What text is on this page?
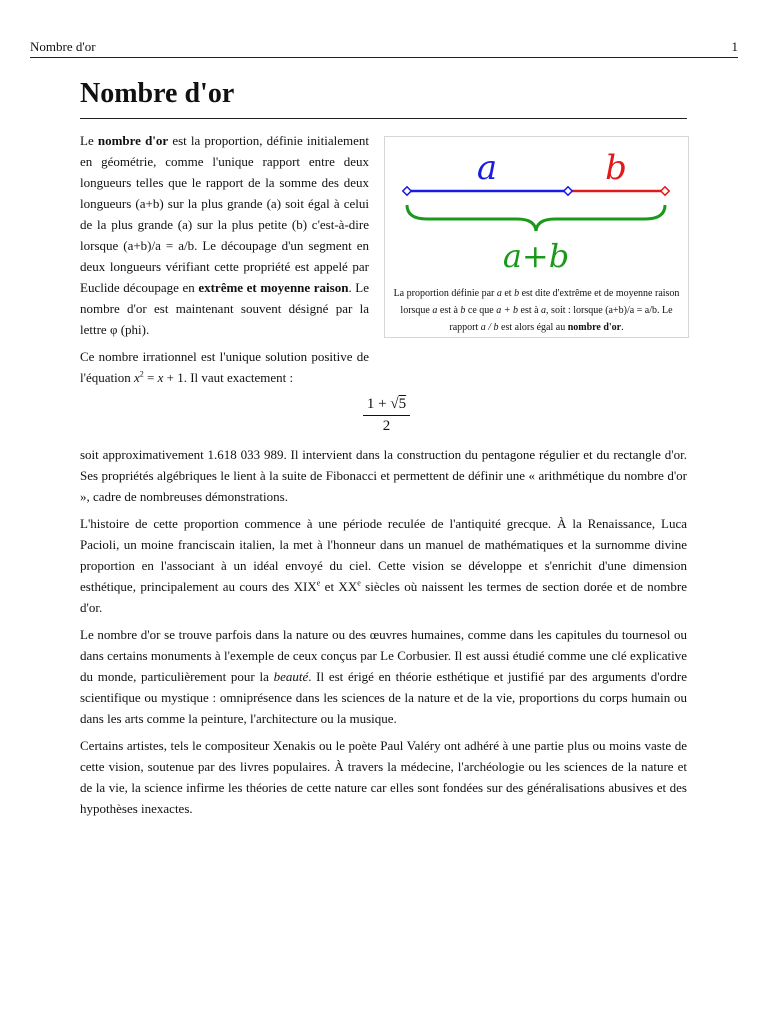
Nombre d'or	1
Nombre d'or
a	b
a+b
La proportion définie par a et b est dite d'extrême et de moyenne raison lorsque a est à b ce que a + b est à a, soit : lorsque (a+b)/a = a/b. Le rapport a / b est alors égal au nombre d'or.

Le nombre d'or est la proportion, définie initialement en géométrie, comme l'unique rapport entre deux longueurs telles que le rapport de la somme des deux longueurs (a+b) sur la plus grande (a) soit égal à celui de la plus grande (a) sur la plus petite (b) c'est-à-dire lorsque (a+b)/a = a/b. Le découpage d'un segment en deux longueurs vérifiant cette propriété est appelé par Euclide découpage en extrême et moyenne raison. Le nombre d'or est maintenant souvent désigné par la lettre φ (phi).

Ce nombre irrationnel est l'unique solution positive de l'équation $x^2 = x + 1$. Il vaut exactement :

$\frac{1 + √5}{2}$

soit approximativement 1.618 033 989. Il intervient dans la construction du pentagone régulier et du rectangle d'or. Ses propriétés algébriques le lient à la suite de Fibonacci et permettent de définir une « arithmétique du nombre d'or », cadre de nombreuses démonstrations.

L'histoire de cette proportion commence à une période reculée de l'antiquité grecque. À la Renaissance, Luca Pacioli, un moine franciscain italien, la met à l'honneur dans un manuel de mathématiques et la surnomme divine proportion en l'associant à un idéal envoyé du ciel. Cette vision se développe et s'enrichit d'une dimension esthétique, principalement au cours des XIXe et XXe siècles où naissent les termes de section dorée et de nombre d'or.

Le nombre d'or se trouve parfois dans la nature ou des œuvres humaines, comme dans les capitules du tournesol ou dans certains monuments à l'exemple de ceux conçus par Le Corbusier. Il est aussi étudié comme une clé explicative du monde, particulièrement pour la beauté. Il est érigé en théorie esthétique et justifié par des arguments d'ordre scientifique ou mystique : omniprésence dans les sciences de la nature et de la vie, proportions du corps humain ou dans les arts comme la peinture, l'architecture ou la musique.

Certains artistes, tels le compositeur Xenakis ou le poète Paul Valéry ont adhéré à une partie plus ou moins vaste de cette vision, soutenue par des livres populaires. À travers la médecine, l'archéologie ou les sciences de la nature et de la vie, la science infirme les théories de cette nature car elles sont fondées sur des généralisations abusives et des hypothèses inexactes.
